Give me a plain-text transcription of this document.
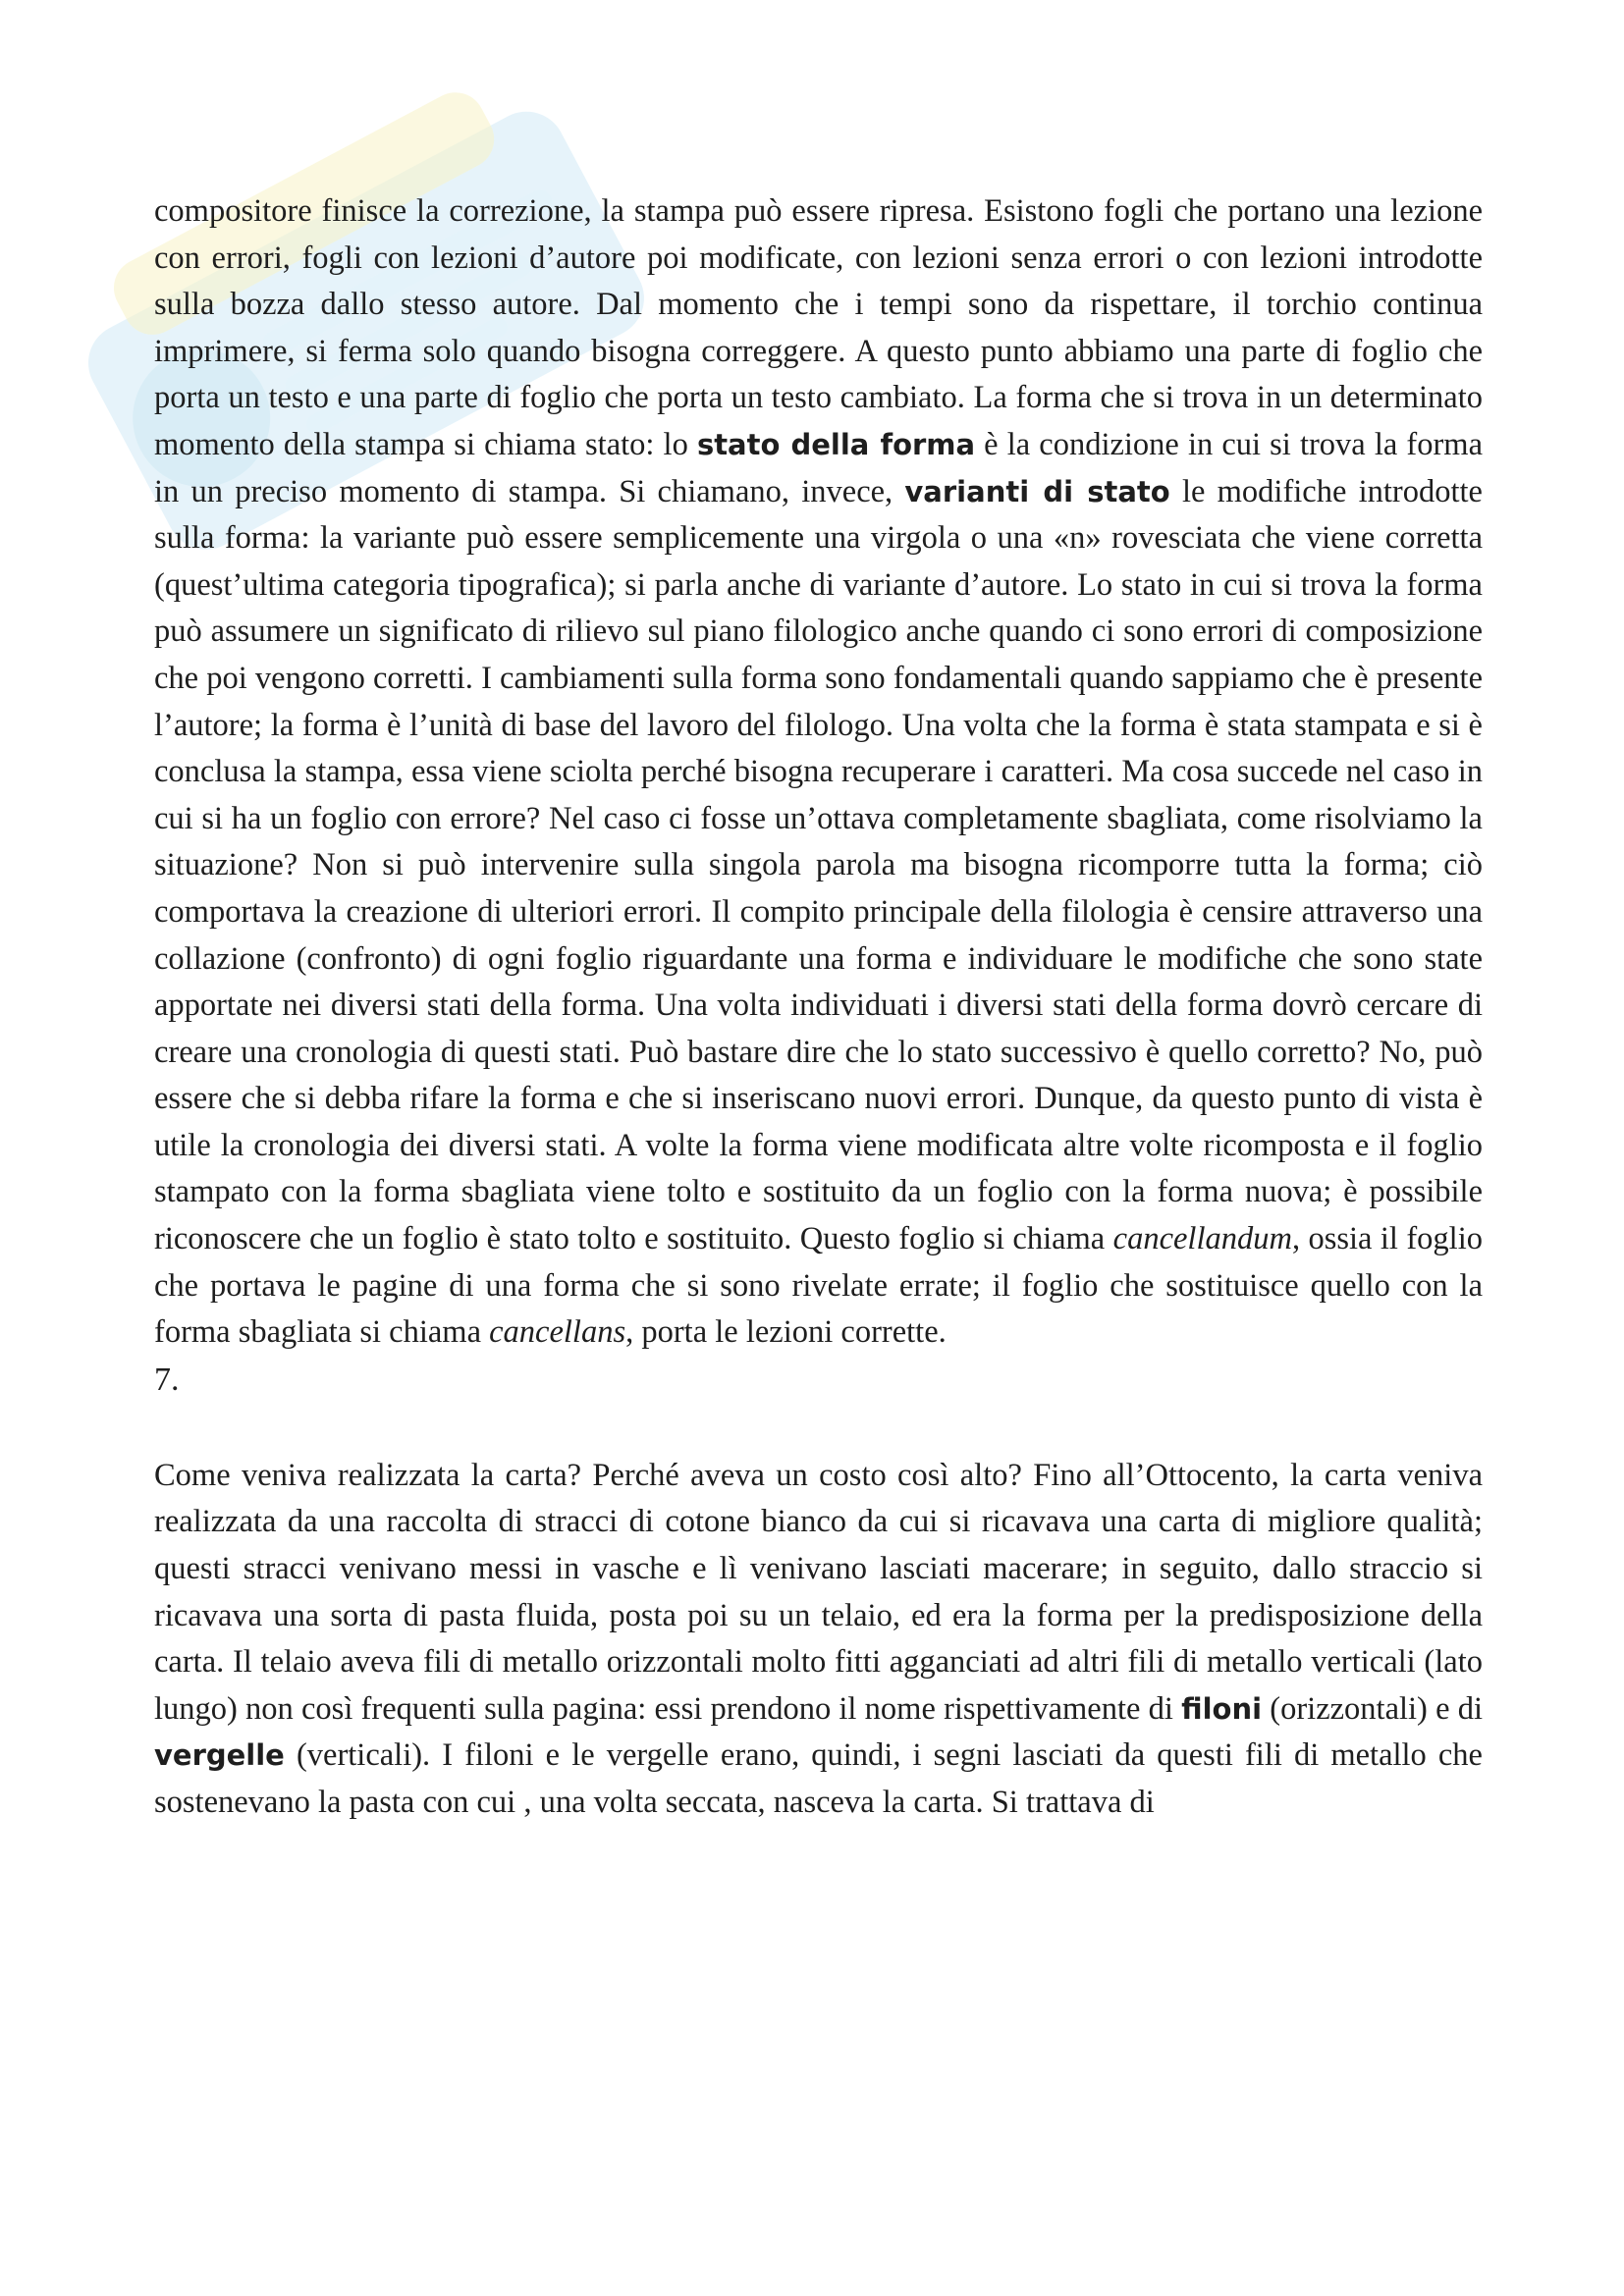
compositore finisce la correzione, la stampa può essere ripresa. Esistono fogli che portano una lezione con errori, fogli con lezioni d’autore poi modificate, con lezioni senza errori o con lezioni introdotte sulla bozza dallo stesso autore. Dal momento che i tempi sono da rispettare, il torchio continua imprimere, si ferma solo quando bisogna correggere. A questo punto abbiamo una parte di foglio che porta un testo e una parte di foglio che porta un testo cambiato. La forma che si trova in un determinato momento della stampa si chiama stato: lo stato della forma è la condizione in cui si trova la forma in un preciso momento di stampa. Si chiamano, invece, varianti di stato le modifiche introdotte sulla forma: la variante può essere semplicemente una virgola o una «n» rovesciata che viene corretta (quest’ultima categoria tipografica); si parla anche di variante d’autore. Lo stato in cui si trova la forma può assumere un significato di rilievo sul piano filologico anche quando ci sono errori di composizione che poi vengono corretti. I cambiamenti sulla forma sono fondamentali quando sappiamo che è presente l’autore; la forma è l’unità di base del lavoro del filologo. Una volta che la forma è stata stampata e si è conclusa la stampa, essa viene sciolta perché bisogna recuperare i caratteri. Ma cosa succede nel caso in cui si ha un foglio con errore? Nel caso ci fosse un’ottava completamente sbagliata, come risolviamo la situazione? Non si può intervenire sulla singola parola ma bisogna ricomporre tutta la forma; ciò comportava la creazione di ulteriori errori. Il compito principale della filologia è censire attraverso una collazione (confronto) di ogni foglio riguardante una forma e individuare le modifiche che sono state apportate nei diversi stati della forma. Una volta individuati i diversi stati della forma dovrò cercare di creare una cronologia di questi stati. Può bastare dire che lo stato successivo è quello corretto? No, può essere che si debba rifare la forma e che si inseriscano nuovi errori. Dunque, da questo punto di vista è utile la cronologia dei diversi stati. A volte la forma viene modificata altre volte ricomposta e il foglio stampato con la forma sbagliata viene tolto e sostituito da un foglio con la forma nuova; è possibile riconoscere che un foglio è stato tolto e sostituito. Questo foglio si chiama cancellandum, ossia il foglio che portava le pagine di una forma che si sono rivelate errate; il foglio che sostituisce quello con la forma sbagliata si chiama cancellans, porta le lezioni corrette.

7.

Come veniva realizzata la carta? Perché aveva un costo così alto? Fino all’Ottocento, la carta veniva realizzata da una raccolta di stracci di cotone bianco da cui si ricavava una carta di migliore qualità; questi stracci venivano messi in vasche e lì venivano lasciati macerare; in seguito, dallo straccio si ricavava una sorta di pasta fluida, posta poi su un telaio, ed era la forma per la predisposizione della carta. Il telaio aveva fili di metallo orizzontali molto fitti agganciati ad altri fili di metallo verticali (lato lungo) non così frequenti sulla pagina: essi prendono il nome rispettivamente di filoni (orizzontali) e di vergelle (verticali). I filoni e le vergelle erano, quindi, i segni lasciati da questi fili di metallo che sostenevano la pasta con cui , una volta seccata, nasceva la carta. Si trattava di
